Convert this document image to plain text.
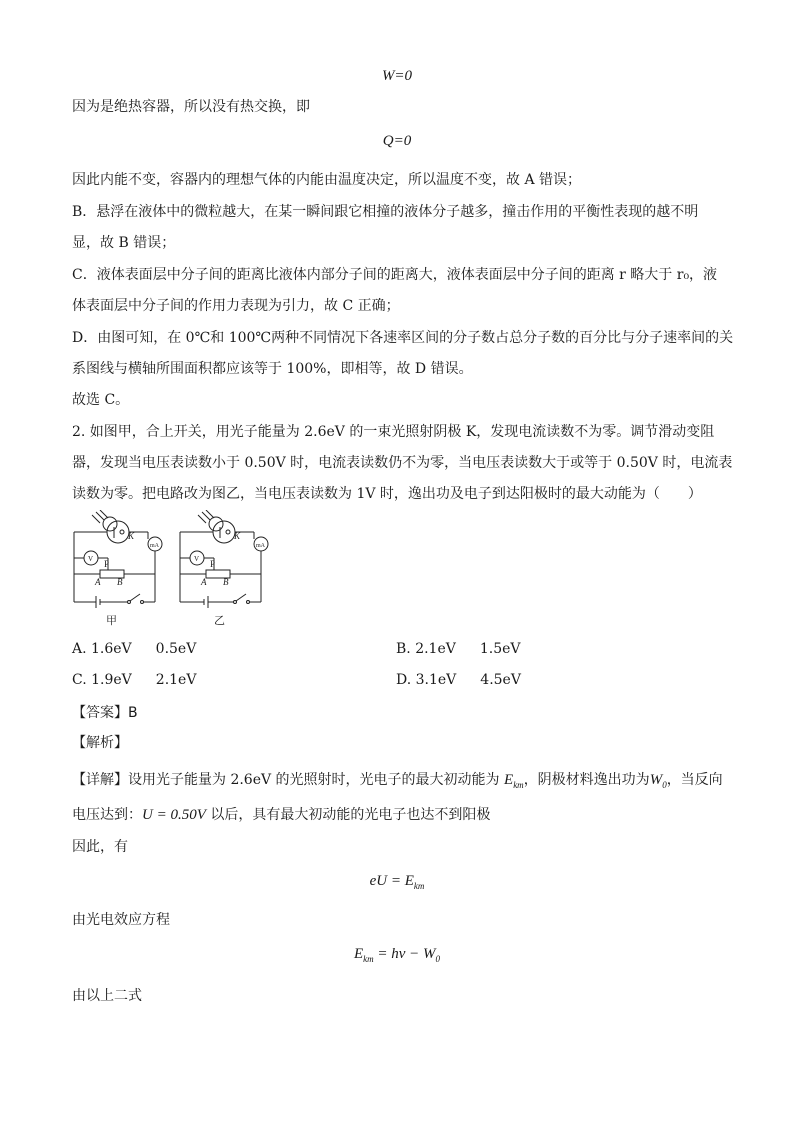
W=0
因为是绝热容器，所以没有热交换，即
Q=0
因此内能不变，容器内的理想气体的内能由温度决定，所以温度不变，故 A 错误；
B．悬浮在液体中的微粒越大，在某一瞬间跟它相撞的液体分子越多，撞击作用的平衡性表现的越不明
显，故 B 错误；
C．液体表面层中分子间的距离比液体内部分子间的距离大，液体表面层中分子间的距离 r 略大于 r₀，液
体表面层中分子间的作用力表现为引力，故 C 正确；
D．由图可知，在 0℃和 100℃两种不同情况下各速率区间的分子数占总分子数的百分比与分子速率间的关
系图线与横轴所围面积都应该等于 100%，即相等，故 D 错误。
故选 C。
2. 如图甲，合上开关，用光子能量为 2.6eV 的一束光照射阴极 K，发现电流读数不为零。调节滑动变阻
器，发现当电压表读数小于 0.50V 时，电流表读数仍不为零，当电压表读数大于或等于 0.50V 时，电流表
读数为零。把电路改为图乙，当电压表读数为 1V 时，逸出功及电子到达阳极时的最大动能为（　　）
K
mA
V P
A B
K
mA
V P
A B
甲	乙
A. 1.6eV 0.5eV	B. 2.1eV 1.5eV
C. 1.9eV 2.1eV	D. 3.1eV 4.5eV
【答案】B
【解析】
【详解】设用光子能量为 2.6eV 的光照射时，光电子的最大初动能为 $E_{km}$，阴极材料逸出功为$W_0$，当反向
电压达到：U = 0.50V 以后，具有最大初动能的光电子也达不到阳极
因此，有
eU = $E_{km}$
由光电效应方程
$E_{km} = h\nu - W_0$
由以上二式
